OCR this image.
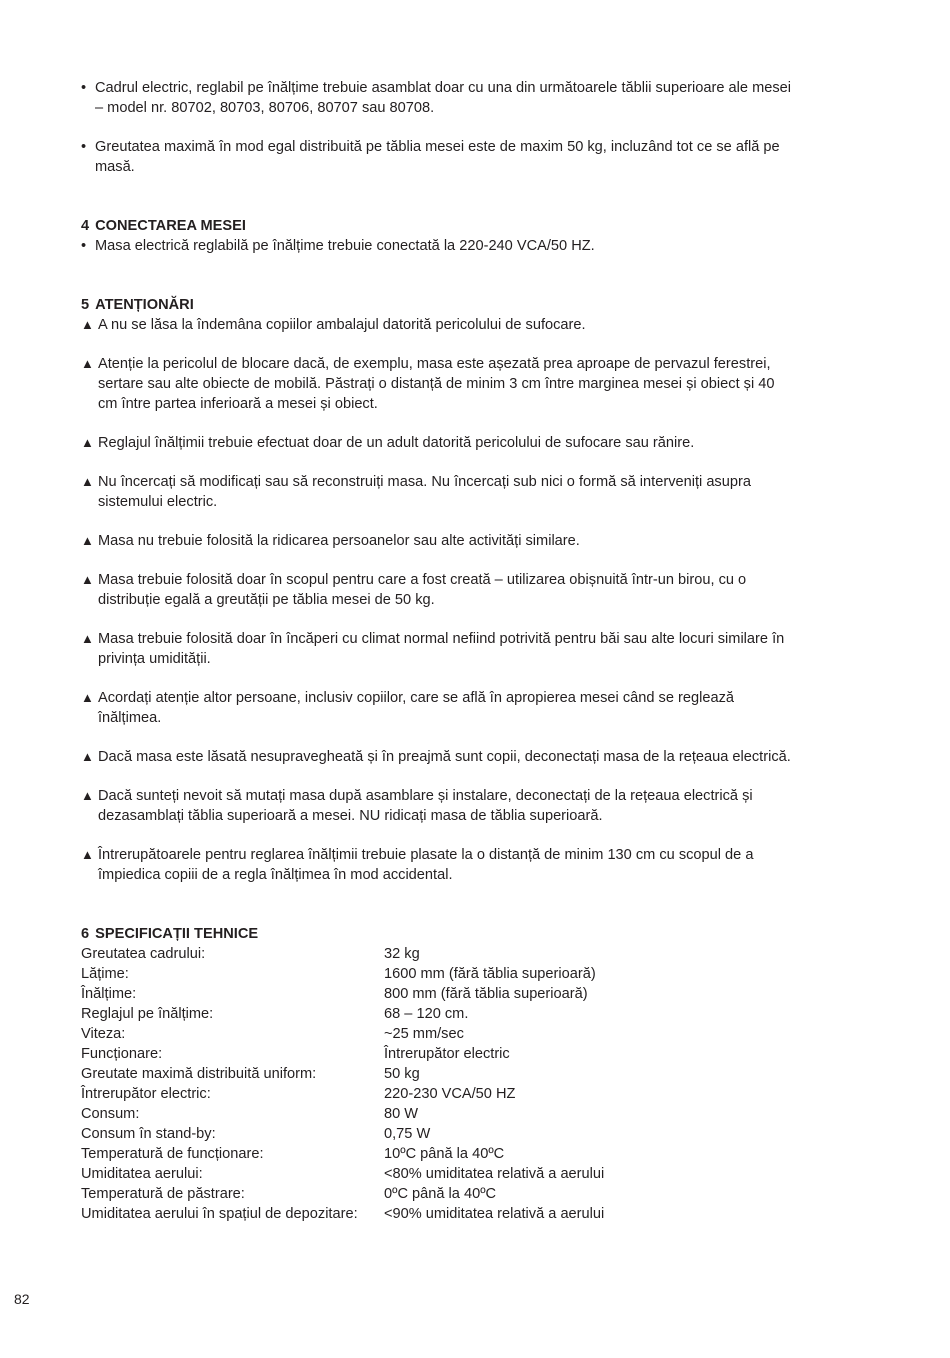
• Cadrul electric, reglabil pe înălțime trebuie asamblat doar cu una din următoarele tăblii superioare ale mesei – model nr. 80702, 80703, 80706, 80707 sau 80708.
• Greutatea maximă în mod egal distribuită pe tăblia mesei este de maxim 50 kg, incluzând tot ce se află pe masă.
4 CONECTAREA MESEI
• Masa electrică reglabilă pe înălțime trebuie conectată la 220-240 VCA/50 HZ.
5 ATENȚIONĂRI
▲ A nu se lăsa la îndemâna copiilor ambalajul datorită pericolului de sufocare.
▲ Atenție la pericolul de blocare dacă, de exemplu, masa este așezată prea aproape de pervazul ferestrei, sertare sau alte obiecte de mobilă. Păstrați o distanță de minim 3 cm între marginea mesei și obiect și 40 cm între partea inferioară a mesei și obiect.
▲ Reglajul înălțimii trebuie efectuat doar de un adult datorită pericolului de sufocare sau rănire.
▲ Nu încercați să modificați sau să reconstruiți masa. Nu încercați sub nici o formă să interveniți asupra sistemului electric.
▲ Masa nu trebuie folosită la ridicarea persoanelor sau alte activități similare.
▲ Masa trebuie folosită doar în scopul pentru care a fost creată – utilizarea obișnuită într-un birou, cu o distribuție egală a greutății pe tăblia mesei de 50 kg.
▲ Masa trebuie folosită doar în încăperi cu climat normal nefiind potrivită pentru băi sau alte locuri similare în privința umidității.
▲ Acordați atenție altor persoane, inclusiv copiilor, care se află în apropierea mesei când se reglează înălțimea.
▲ Dacă masa este lăsată nesupravegheată și în preajmă sunt copii, deconectați masa de la rețeaua electrică.
▲ Dacă sunteți nevoit să mutați masa după asamblare și instalare, deconectați de la rețeaua electrică și dezasamblați tăblia superioară a mesei. NU ridicați masa de tăblia superioară.
▲ Întrerupătoarele pentru reglarea înălțimii trebuie plasate la o distanță de minim 130 cm cu scopul de a împiedica copiii de a regla înălțimea în mod accidental.
6 SPECIFICAȚII TEHNICE
Greutatea cadrului:	32 kg
Lățime:	1600 mm (fără tăblia superioară)
Înălțime:	800 mm (fără tăblia superioară)
Reglajul pe înălțime:	68 – 120 cm.
Viteza:	~25 mm/sec
Funcționare:	Întrerupător electric
Greutate maximă distribuită uniform:	50 kg
Întrerupător electric:	220-230 VCA/50 HZ
Consum:	80 W
Consum în stand-by:	0,75 W
Temperatură de funcționare:	10ºC până la 40ºC
Umiditatea aerului:	<80% umiditatea relativă a aerului
Temperatură de păstrare:	0ºC până la 40ºC
Umiditatea aerului în spațiul de depozitare:	<90% umiditatea relativă a aerului
82
